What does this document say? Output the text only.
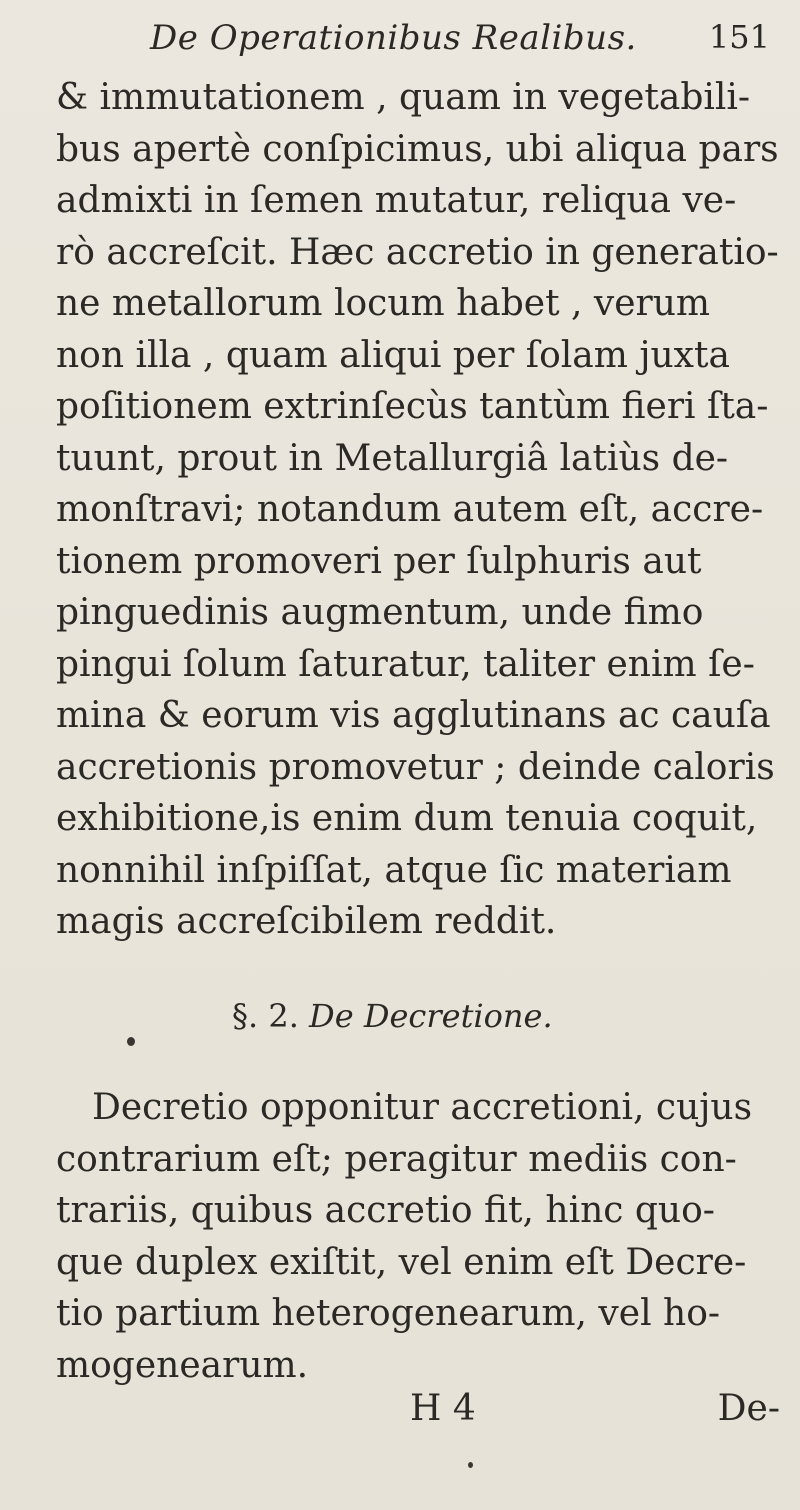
De Operationibus Realibus. 151
& immutationem , quam in vegetabili-
bus apertè conſpicimus, ubi aliqua pars
admixti in ſemen mutatur, reliqua ve-
rò accreſcit. Hæc accretio in generatio-
ne metallorum locum habet , verum
non illa , quam aliqui per ſolam juxta
poſitionem extrinſecùs tantùm fieri ſta-
tuunt, prout in Metallurgiâ latiùs de-
monſtravi; notandum autem eſt, accre-
tionem promoveri per ſulphuris aut
pinguedinis augmentum, unde fimo
pingui ſolum ſaturatur, taliter enim ſe-
mina & eorum vis agglutinans ac cauſa
accretionis promovetur ; deinde caloris
exhibitione,is enim dum tenuia coquit,
nonnihil inſpiſſat, atque ſic materiam
magis accreſcibilem reddit.
§. 2. De Decretione.
Decretio opponitur accretioni, cujus
contrarium eſt; peragitur mediis con-
trariis, quibus accretio fit, hinc quo-
que duplex exiſtit, vel enim eſt Decre-
tio partium heterogenearum, vel ho-
mogenearum.
H 4	De-
